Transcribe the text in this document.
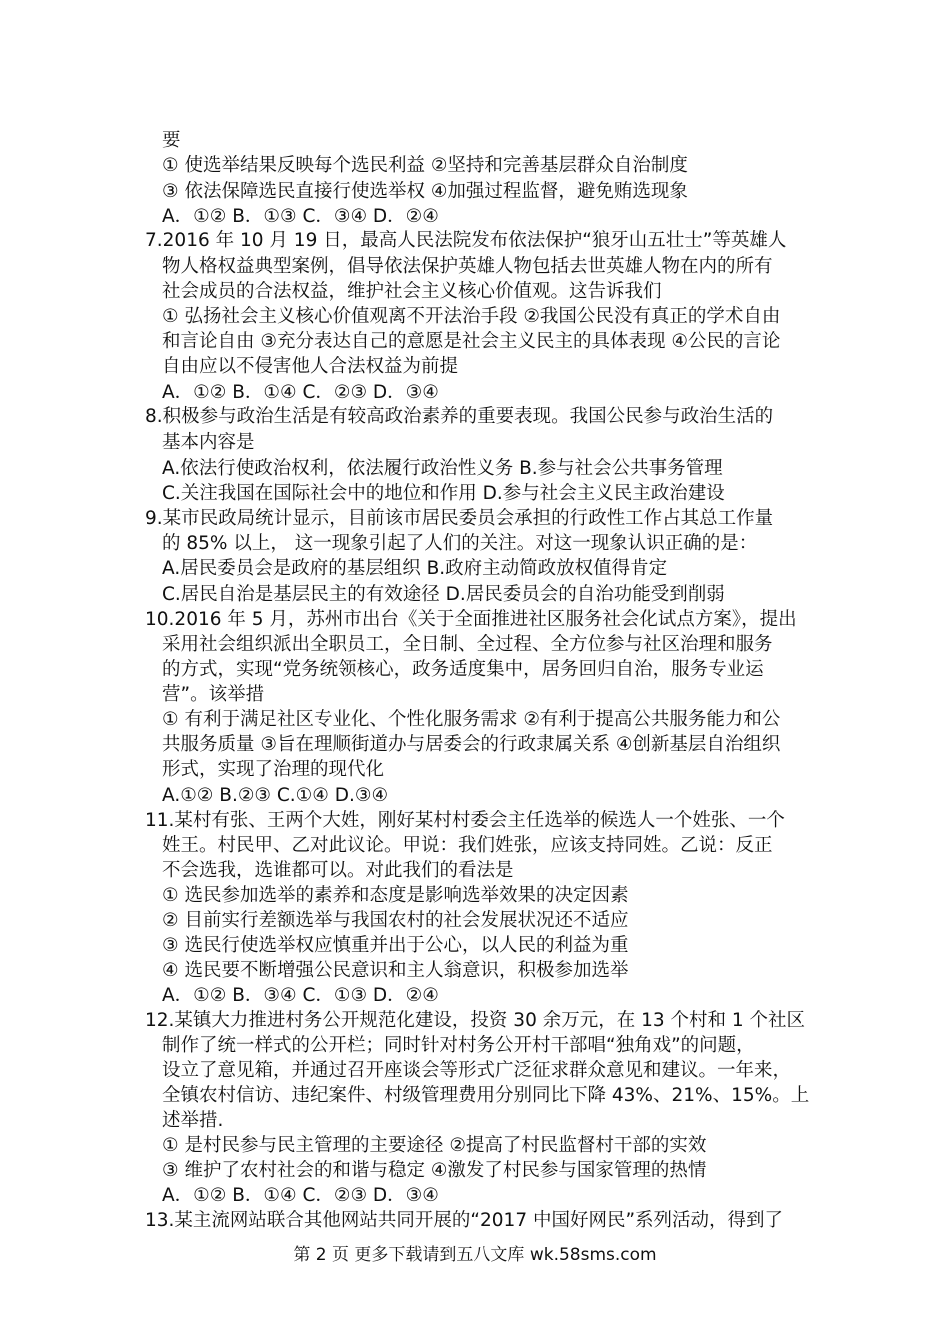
要
① 使选举结果反映每个选民利益 ②坚持和完善基层群众自治制度
③ 依法保障选民直接行使选举权 ④加强过程监督，避免贿选现象
A．①② B．①③ C．③④ D．②④
7.2016 年 10 月 19 日，最高人民法院发布依法保护“狼牙山五壮士”等英雄人
物人格权益典型案例，倡导依法保护英雄人物包括去世英雄人物在内的所有
社会成员的合法权益，维护社会主义核心价值观。这告诉我们
① 弘扬社会主义核心价值观离不开法治手段 ②我国公民没有真正的学术自由
和言论自由 ③充分表达自己的意愿是社会主义民主的具体表现 ④公民的言论
自由应以不侵害他人合法权益为前提
A．①② B．①④ C．②③ D．③④
8.积极参与政治生活是有较高政治素养的重要表现。我国公民参与政治生活的
基本内容是
A.依法行使政治权利，依法履行政治性义务 B.参与社会公共事务管理
C.关注我国在国际社会中的地位和作用 D.参与社会主义民主政治建设
9.某市民政局统计显示，目前该市居民委员会承担的行政性工作占其总工作量
的 85% 以上， 这一现象引起了人们的关注。对这一现象认识正确的是：
A.居民委员会是政府的基层组织 B.政府主动简政放权值得肯定
C.居民自治是基层民主的有效途径 D.居民委员会的自治功能受到削弱
10.2016 年 5 月，苏州市出台《关于全面推进社区服务社会化试点方案》，提出
采用社会组织派出全职员工，全日制、全过程、全方位参与社区治理和服务
的方式，实现“党务统领核心，政务适度集中，居务回归自治，服务专业运
营”。该举措
① 有利于满足社区专业化、个性化服务需求 ②有利于提高公共服务能力和公
共服务质量 ③旨在理顺街道办与居委会的行政隶属关系 ④创新基层自治组织
形式，实现了治理的现代化
A.①② B.②③ C.①④ D.③④
11.某村有张、王两个大姓，刚好某村村委会主任选举的候选人一个姓张、一个
姓王。村民甲、乙对此议论。甲说：我们姓张，应该支持同姓。乙说：反正
不会选我，选谁都可以。对此我们的看法是
① 选民参加选举的素养和态度是影响选举效果的决定因素
② 目前实行差额选举与我国农村的社会发展状况还不适应
③ 选民行使选举权应慎重并出于公心，以人民的利益为重
④ 选民要不断增强公民意识和主人翁意识，积极参加选举
A．①② B．③④ C．①③ D．②④
12.某镇大力推进村务公开规范化建设，投资 30 余万元，在 13 个村和 1 个社区
制作了统一样式的公开栏；同时针对村务公开村干部唱“独角戏”的问题，
设立了意见箱，并通过召开座谈会等形式广泛征求群众意见和建议。一年来，
全镇农村信访、违纪案件、村级管理费用分别同比下降 43%、21%、15%。上
述举措.
① 是村民参与民主管理的主要途径 ②提高了村民监督村干部的实效
③ 维护了农村社会的和谐与稳定 ④激发了村民参与国家管理的热情
A．①② B．①④ C．②③ D．③④
13.某主流网站联合其他网站共同开展的“2017 中国好网民”系列活动，得到了
第 2 页 更多下载请到五八文库 wk.58sms.com
